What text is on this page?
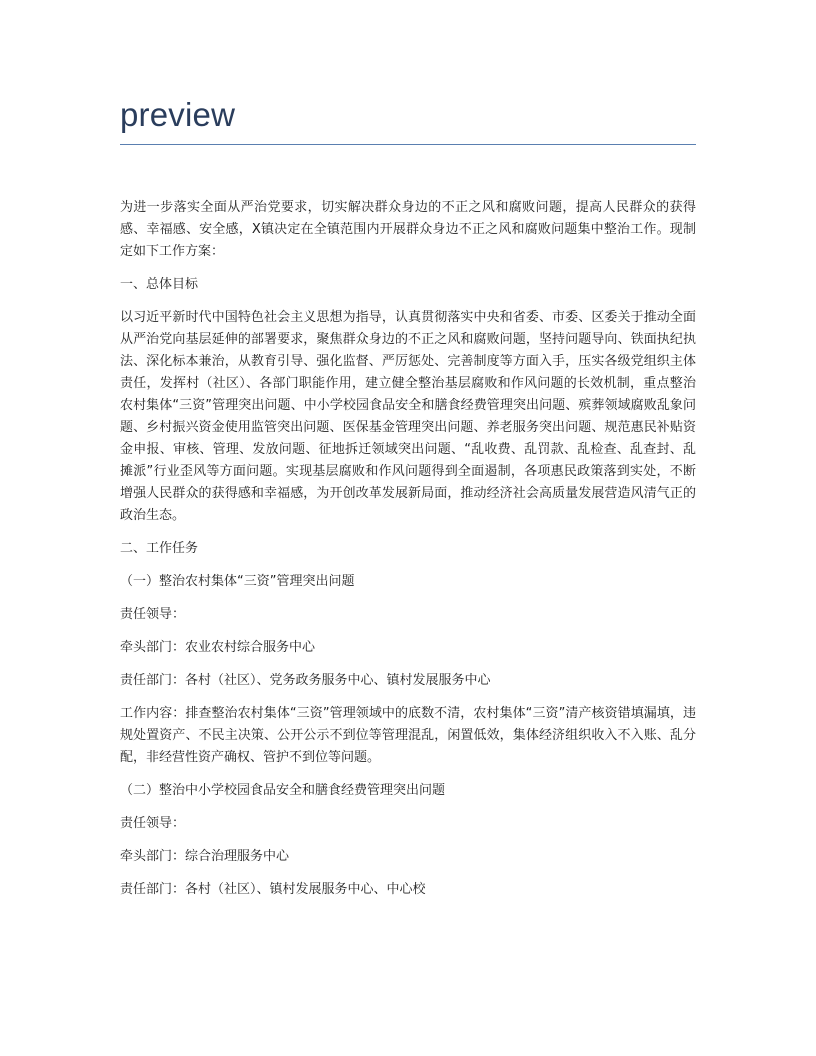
preview

为进一步落实全面从严治党要求，切实解决群众身边的不正之风和腐败问题，提高人民群众的获得感、幸福感、安全感，X镇决定在全镇范围内开展群众身边不正之风和腐败问题集中整治工作。现制定如下工作方案：

一、总体目标

以习近平新时代中国特色社会主义思想为指导，认真贯彻落实中央和省委、市委、区委关于推动全面从严治党向基层延伸的部署要求，聚焦群众身边的不正之风和腐败问题，坚持问题导向、铁面执纪执法、深化标本兼治，从教育引导、强化监督、严厉惩处、完善制度等方面入手，压实各级党组织主体责任，发挥村（社区）、各部门职能作用，建立健全整治基层腐败和作风问题的长效机制，重点整治农村集体“三资”管理突出问题、中小学校园食品安全和膳食经费管理突出问题、殡葬领域腐败乱象问题、乡村振兴资金使用监管突出问题、医保基金管理突出问题、养老服务突出问题、规范惠民补贴资金申报、审核、管理、发放问题、征地拆迁领域突出问题、“乱收费、乱罚款、乱检查、乱查封、乱摊派”行业歪风等方面问题。实现基层腐败和作风问题得到全面遏制，各项惠民政策落到实处，不断增强人民群众的获得感和幸福感，为开创改革发展新局面，推动经济社会高质量发展营造风清气正的政治生态。

二、工作任务

（一）整治农村集体“三资”管理突出问题

责任领导：

牵头部门：农业农村综合服务中心

责任部门：各村（社区）、党务政务服务中心、镇村发展服务中心

工作内容：排查整治农村集体“三资”管理领域中的底数不清，农村集体“三资”清产核资错填漏填，违规处置资产、不民主决策、公开公示不到位等管理混乱，闲置低效，集体经济组织收入不入账、乱分配，非经营性资产确权、管护不到位等问题。

（二）整治中小学校园食品安全和膳食经费管理突出问题

责任领导：

牵头部门：综合治理服务中心

责任部门：各村（社区）、镇村发展服务中心、中心校
